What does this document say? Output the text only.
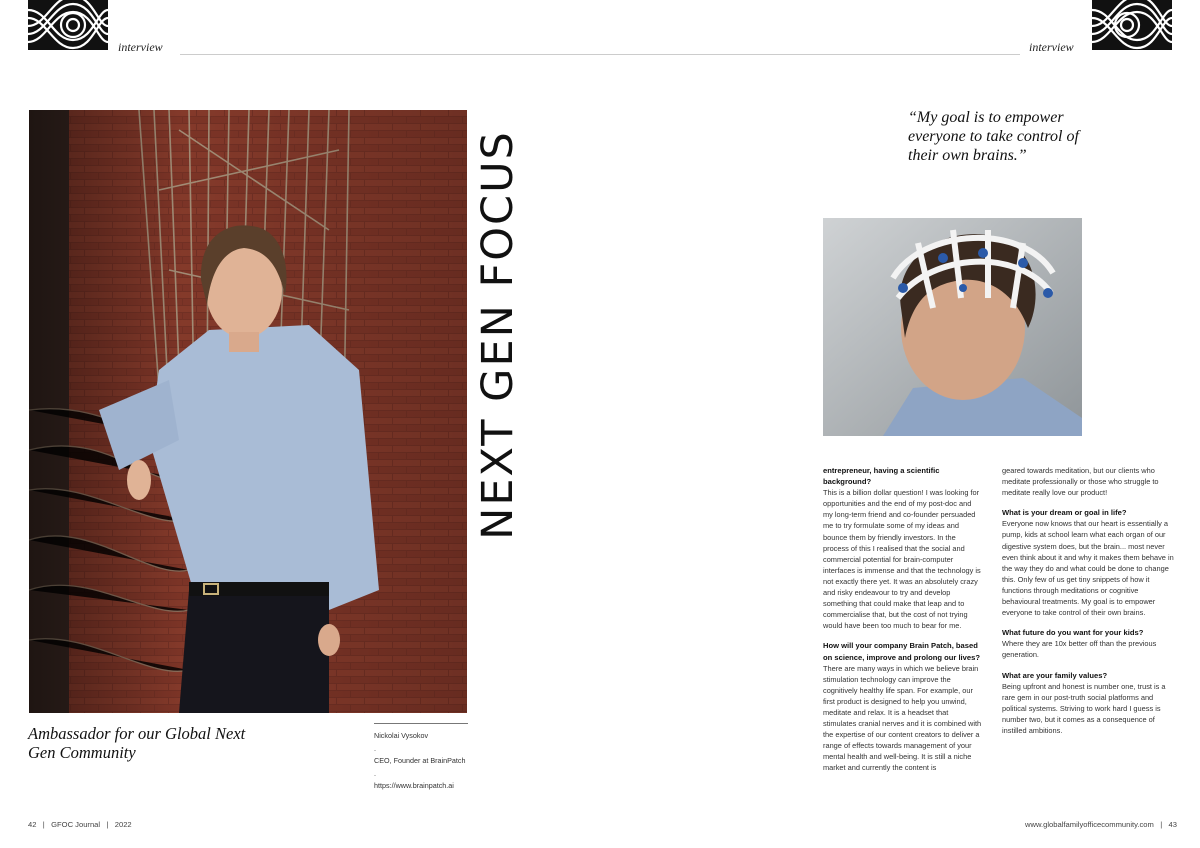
interview
Ambassador for our Global Next Gen Community
Nickolai Vysokov
.
CEO, Founder at BrainPatch
.
https://www.brainpatch.ai
NEXT GEN FOCUS
42 | GFOC Journal | 2022

interview
“My goal is to empower everyone to take control of their own brains.”
www.globalfamilyofficecommunity.com | 43

entrepreneur, having a scientific background?
This is a billion dollar question! I was looking for opportunities and the end of my post-doc and my long-term friend and co-founder persuaded me to try formulate some of my ideas and bounce them by friendly investors. In the process of this I realised that the social and commercial potential for brain-computer interfaces is immense and that the technology is not exactly there yet. It was an absolutely crazy and risky endeavour to try and develop something that could make that leap and to commercialise that, but the cost of not trying would have been too much to bear for me.

How will your company Brain Patch, based on science, improve and prolong our lives?
There are many ways in which we believe brain stimulation technology can improve the cognitively healthy life span. For example, our first product is designed to help you unwind, meditate and relax. It is a headset that stimulates cranial nerves and it is combined with the expertise of our content creators to deliver a range of effects towards management of your mental health and well-being. It is still a niche market and currently the content is

geared towards meditation, but our clients who meditate professionally or those who struggle to meditate really love our product!

What is your dream or goal in life?
Everyone now knows that our heart is essentially a pump, kids at school learn what each organ of our digestive system does, but the brain... most never even think about it and why it makes them behave in the way they do and what could be done to change this. Only few of us get tiny snippets of how it functions through meditations or cognitive behavioural treatments. My goal is to empower everyone to take control of their own brains.

What future do you want for your kids?
Where they are 10x better off than the previous generation.

What are your family values?
Being upfront and honest is number one, trust is a rare gem in our post-truth social platforms and political systems. Striving to work hard I guess is number two, but it comes as a consequence of instilled ambitions.
